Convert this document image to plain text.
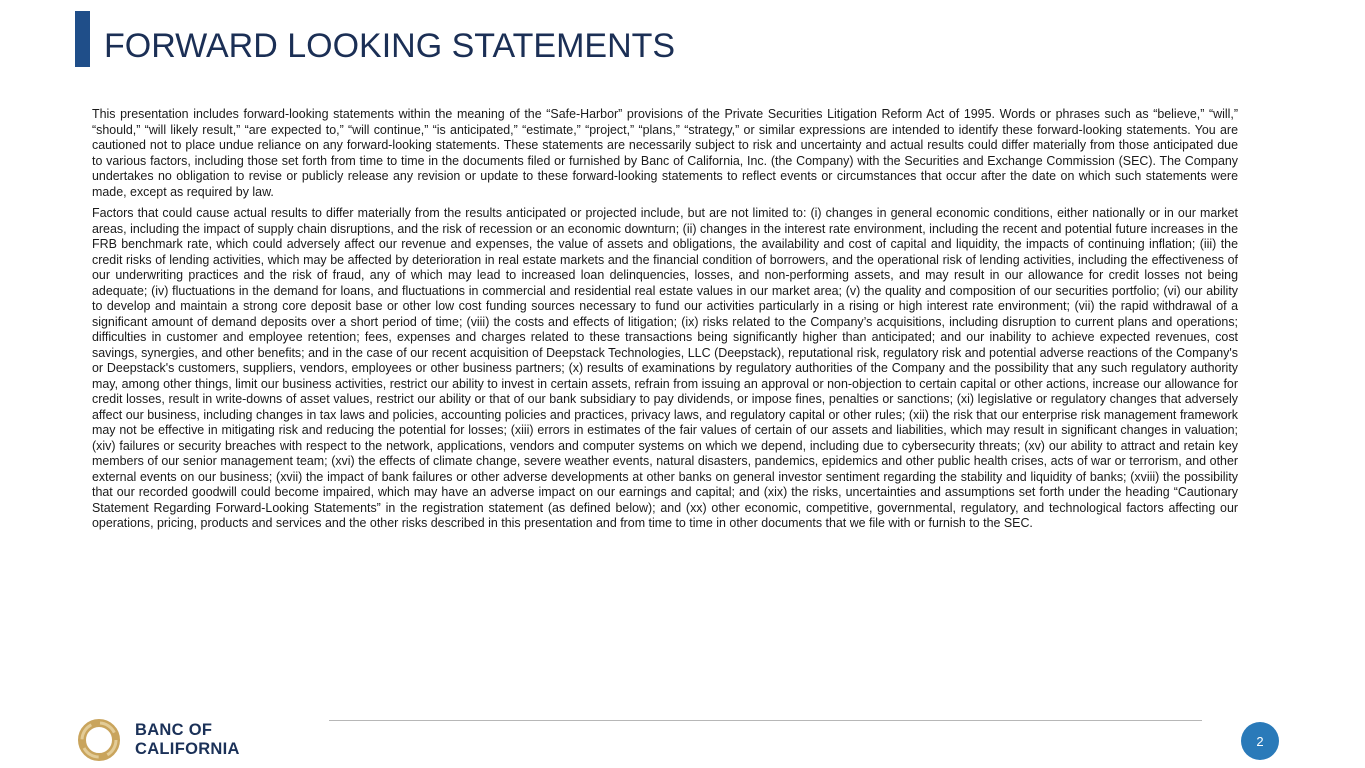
FORWARD LOOKING STATEMENTS

This presentation includes forward-looking statements within the meaning of the “Safe-Harbor” provisions of the Private Securities Litigation Reform Act of 1995. Words or phrases such as “believe,” “will,” “should,” “will likely result,” “are expected to,” “will continue,” “is anticipated,” “estimate,” “project,” “plans,” “strategy,” or similar expressions are intended to identify these forward-looking statements. You are cautioned not to place undue reliance on any forward-looking statements. These statements are necessarily subject to risk and uncertainty and actual results could differ materially from those anticipated due to various factors, including those set forth from time to time in the documents filed or furnished by Banc of California, Inc. (the Company) with the Securities and Exchange Commission (SEC). The Company undertakes no obligation to revise or publicly release any revision or update to these forward-looking statements to reflect events or circumstances that occur after the date on which such statements were made, except as required by law.

Factors that could cause actual results to differ materially from the results anticipated or projected include, but are not limited to: (i) changes in general economic conditions, either nationally or in our market areas, including the impact of supply chain disruptions, and the risk of recession or an economic downturn; (ii) changes in the interest rate environment, including the recent and potential future increases in the FRB benchmark rate, which could adversely affect our revenue and expenses, the value of assets and obligations, the availability and cost of capital and liquidity, the impacts of continuing inflation; (iii) the credit risks of lending activities, which may be affected by deterioration in real estate markets and the financial condition of borrowers, and the operational risk of lending activities, including the effectiveness of our underwriting practices and the risk of fraud, any of which may lead to increased loan delinquencies, losses, and non-performing assets, and may result in our allowance for credit losses not being adequate; (iv) fluctuations in the demand for loans, and fluctuations in commercial and residential real estate values in our market area; (v) the quality and composition of our securities portfolio; (vi) our ability to develop and maintain a strong core deposit base or other low cost funding sources necessary to fund our activities particularly in a rising or high interest rate environment; (vii) the rapid withdrawal of a significant amount of demand deposits over a short period of time; (viii) the costs and effects of litigation; (ix) risks related to the Company’s acquisitions, including disruption to current plans and operations; difficulties in customer and employee retention; fees, expenses and charges related to these transactions being significantly higher than anticipated; and our inability to achieve expected revenues, cost savings, synergies, and other benefits; and in the case of our recent acquisition of Deepstack Technologies, LLC (Deepstack), reputational risk, regulatory risk and potential adverse reactions of the Company's or Deepstack's customers, suppliers, vendors, employees or other business partners; (x) results of examinations by regulatory authorities of the Company and the possibility that any such regulatory authority may, among other things, limit our business activities, restrict our ability to invest in certain assets, refrain from issuing an approval or non-objection to certain capital or other actions, increase our allowance for credit losses, result in write-downs of asset values, restrict our ability or that of our bank subsidiary to pay dividends, or impose fines, penalties or sanctions; (xi) legislative or regulatory changes that adversely affect our business, including changes in tax laws and policies, accounting policies and practices, privacy laws, and regulatory capital or other rules; (xii) the risk that our enterprise risk management framework may not be effective in mitigating risk and reducing the potential for losses; (xiii) errors in estimates of the fair values of certain of our assets and liabilities, which may result in significant changes in valuation; (xiv) failures or security breaches with respect to the network, applications, vendors and computer systems on which we depend, including due to cybersecurity threats; (xv) our ability to attract and retain key members of our senior management team; (xvi) the effects of climate change, severe weather events, natural disasters, pandemics, epidemics and other public health crises, acts of war or terrorism, and other external events on our business; (xvii) the impact of bank failures or other adverse developments at other banks on general investor sentiment regarding the stability and liquidity of banks; (xviii) the possibility that our recorded goodwill could become impaired, which may have an adverse impact on our earnings and capital; and (xix) the risks, uncertainties and assumptions set forth under the heading “Cautionary Statement Regarding Forward-Looking Statements” in the registration statement (as defined below); and (xx) other economic, competitive, governmental, regulatory, and technological factors affecting our operations, pricing, products and services and the other risks described in this presentation and from time to time in other documents that we file with or furnish to the SEC.

BANC OF
CALIFORNIA	2
